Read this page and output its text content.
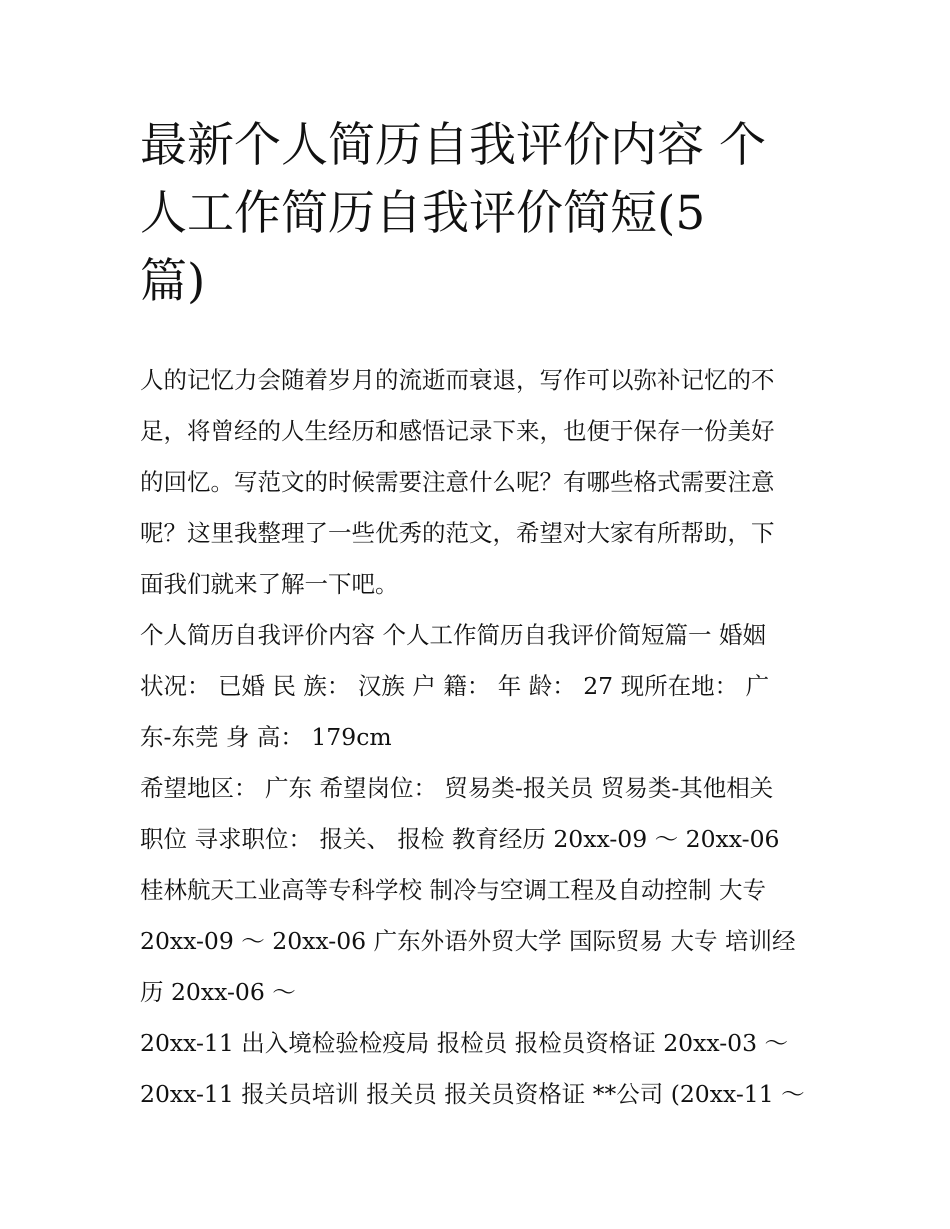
最新个人简历自我评价内容 个
人工作简历自我评价简短(5
篇)
人的记忆力会随着岁月的流逝而衰退，写作可以弥补记忆的不
足，将曾经的人生经历和感悟记录下来，也便于保存一份美好
的回忆。写范文的时候需要注意什么呢？有哪些格式需要注意
呢？这里我整理了一些优秀的范文，希望对大家有所帮助，下
面我们就来了解一下吧。
个人简历自我评价内容 个人工作简历自我评价简短篇一 婚姻
状况： 已婚 民 族： 汉族 户 籍： 年 龄： 27 现所在地： 广
东-东莞 身 高： 179cm
希望地区： 广东 希望岗位： 贸易类-报关员 贸易类-其他相关
职位 寻求职位： 报关、 报检 教育经历 20xx-09 ～ 20xx-06
桂林航天工业高等专科学校 制冷与空调工程及自动控制 大专
20xx-09 ～ 20xx-06 广东外语外贸大学 国际贸易 大专 培训经
历 20xx-06 ～
20xx-11 出入境检验检疫局 报检员 报检员资格证 20xx-03 ～
20xx-11 报关员培训 报关员 报关员资格证 **公司 (20xx-11 ～
